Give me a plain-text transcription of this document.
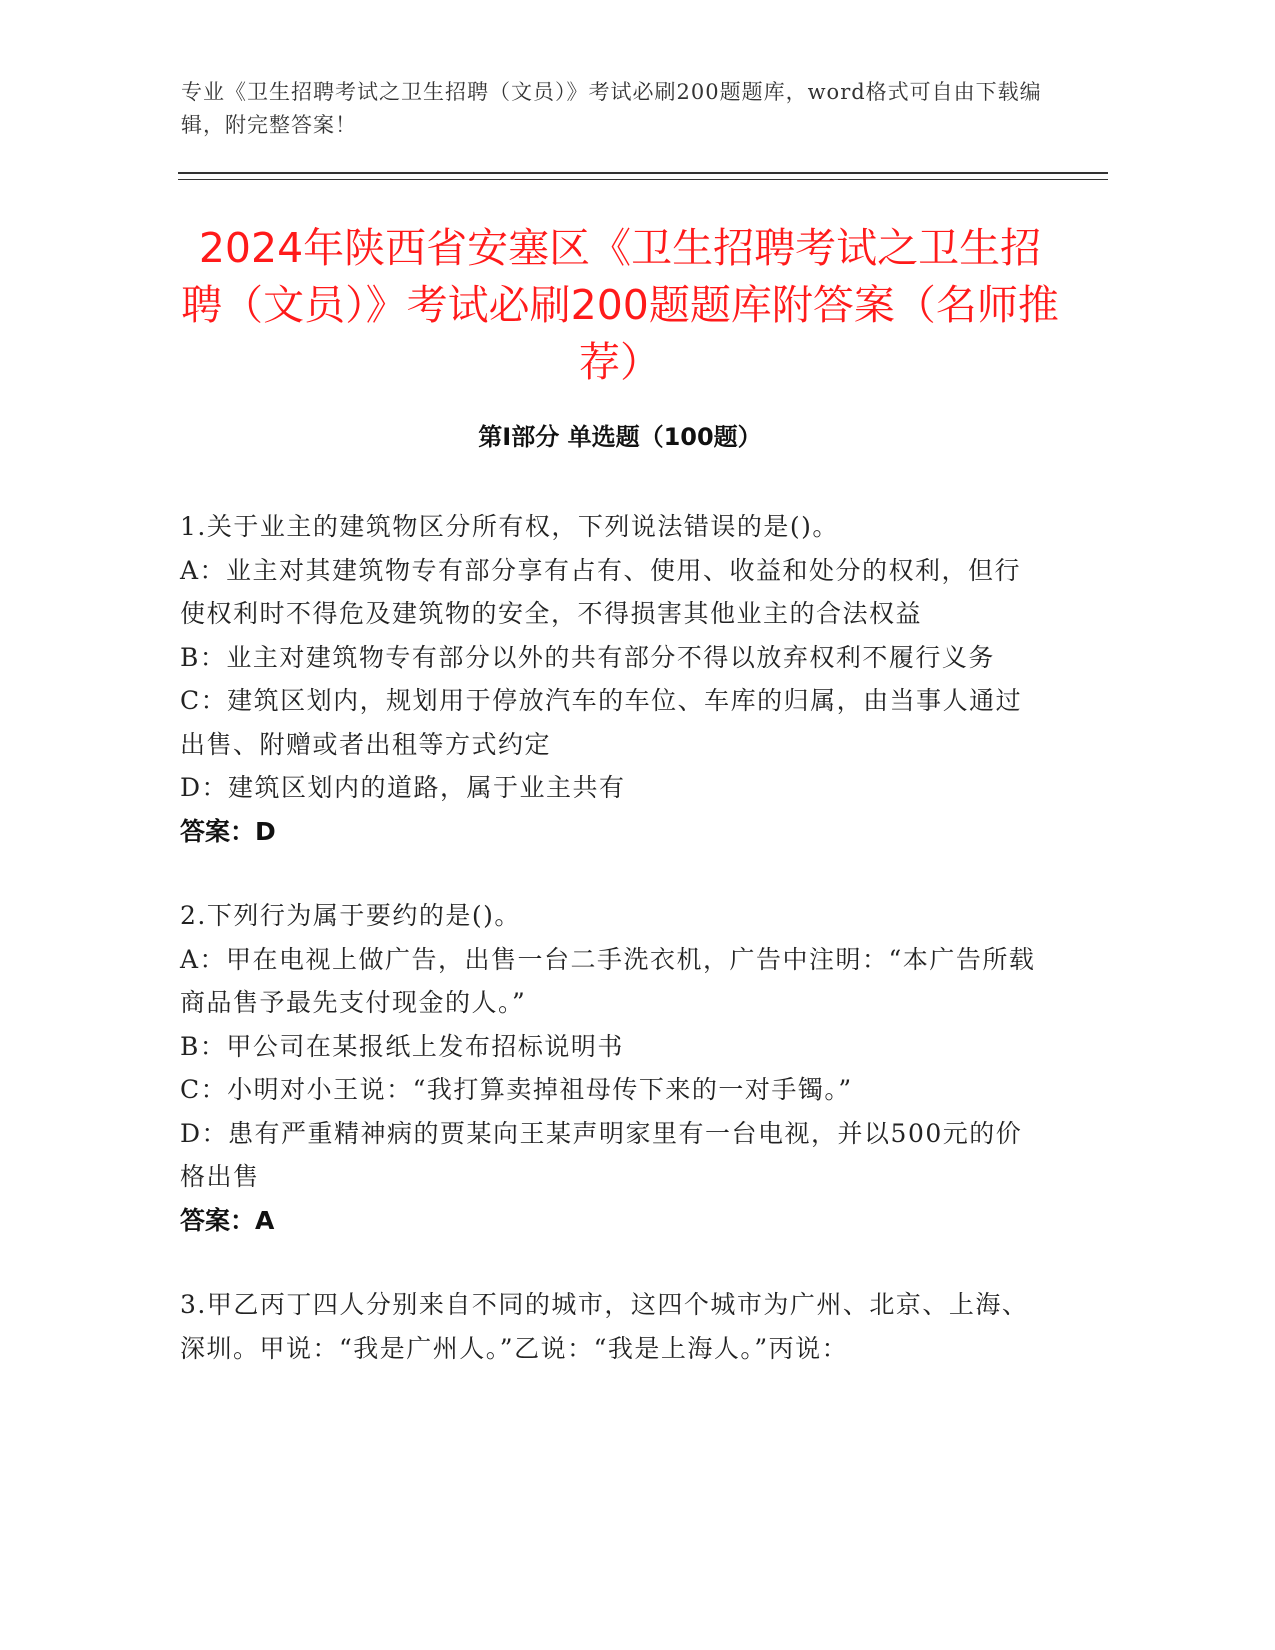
专业《卫生招聘考试之卫生招聘（文员）》考试必刷200题题库，word格式可自由下载编辑，附完整答案！
2024年陕西省安塞区《卫生招聘考试之卫生招聘（文员）》考试必刷200题题库附答案（名师推荐）
第I部分 单选题（100题）

1.关于业主的建筑物区分所有权，下列说法错误的是()。

A：业主对其建筑物专有部分享有占有、使用、收益和处分的权利，但行使权利时不得危及建筑物的安全，不得损害其他业主的合法权益

B：业主对建筑物专有部分以外的共有部分不得以放弃权利不履行义务

C：建筑区划内，规划用于停放汽车的车位、车库的归属，由当事人通过出售、附赠或者出租等方式约定

D：建筑区划内的道路，属于业主共有

答案：D

2.下列行为属于要约的是()。

A：甲在电视上做广告，出售一台二手洗衣机，广告中注明：“本广告所载商品售予最先支付现金的人。”

B：甲公司在某报纸上发布招标说明书

C：小明对小王说：“我打算卖掉祖母传下来的一对手镯。”

D：患有严重精神病的贾某向王某声明家里有一台电视，并以500元的价格出售

答案：A

3.甲乙丙丁四人分别来自不同的城市，这四个城市为广州、北京、上海、深圳。甲说：“我是广州人。”乙说：“我是上海人。”丙说：
